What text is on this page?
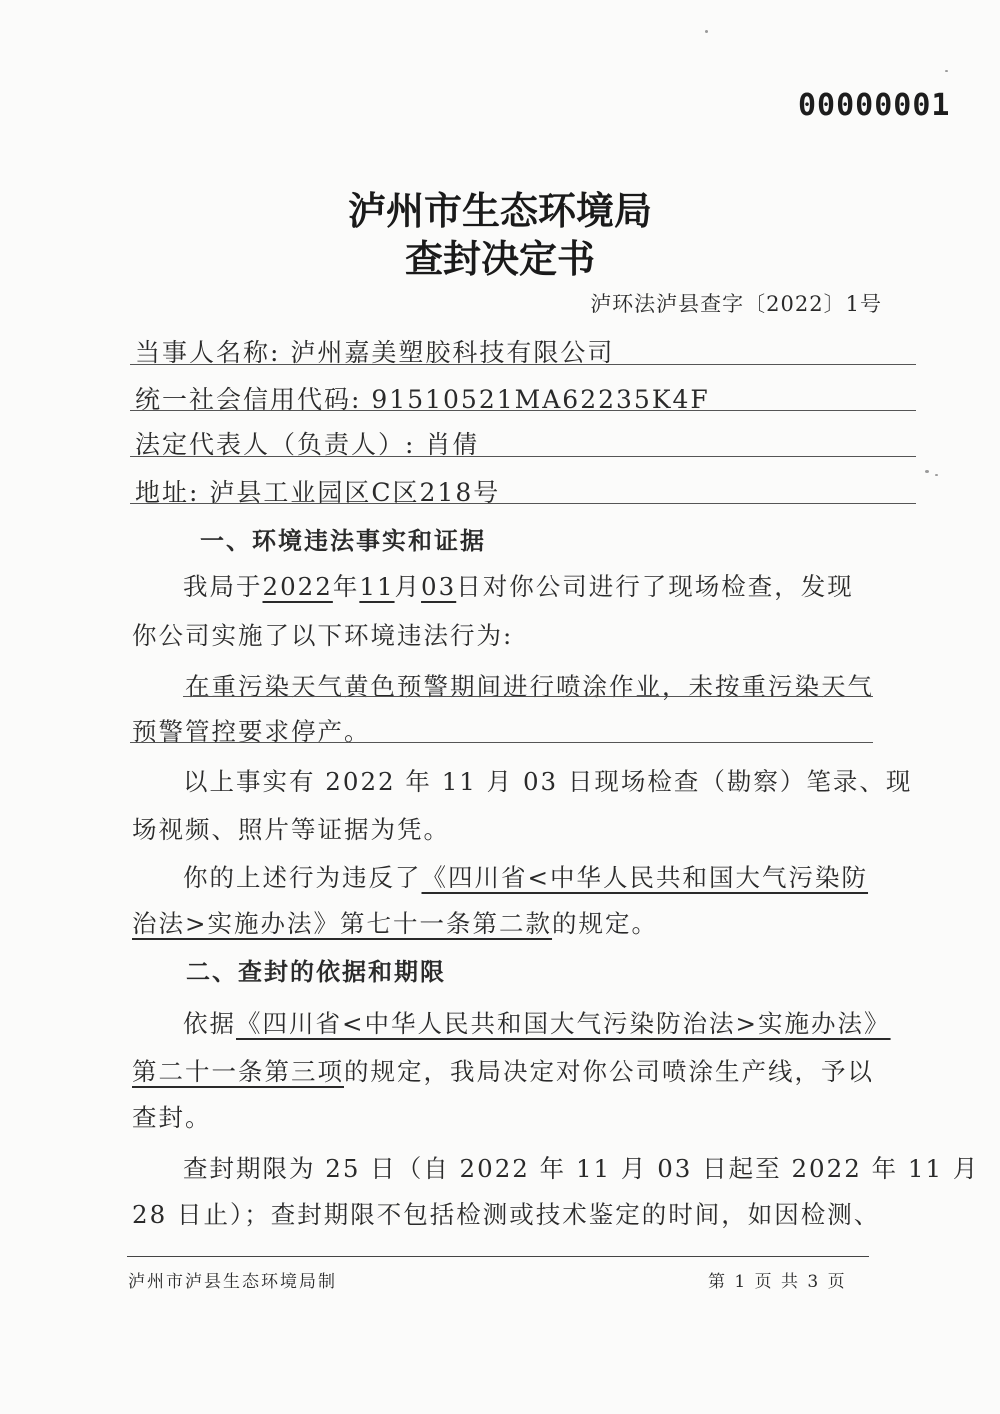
00000001
泸州市生态环境局
查封决定书
泸环法泸县查字〔2022〕1号
当事人名称: 泸州嘉美塑胶科技有限公司
统一社会信用代码: 91510521MA62235K4F
法定代表人（负责人）: 肖倩
地址: 泸县工业园区C区218号
一、环境违法事实和证据
我局于2022年11月03日对你公司进行了现场检查，发现
你公司实施了以下环境违法行为:
在重污染天气黄色预警期间进行喷涂作业，未按重污染天气
预警管控要求停产。
以上事实有 2022 年 11 月 03 日现场检查（勘察）笔录、现
场视频、照片等证据为凭。
你的上述行为违反了《四川省<中华人民共和国大气污染防
治法>实施办法》第七十一条第二款的规定。
二、查封的依据和期限
依据《四川省<中华人民共和国大气污染防治法>实施办法》
第二十一条第三项的规定，我局决定对你公司喷涂生产线，予以
查封。
查封期限为 25 日（自 2022 年 11 月 03 日起至 2022 年 11 月
28 日止）；查封期限不包括检测或技术鉴定的时间，如因检测、
泸州市泸县生态环境局制	第 1 页 共 3 页
